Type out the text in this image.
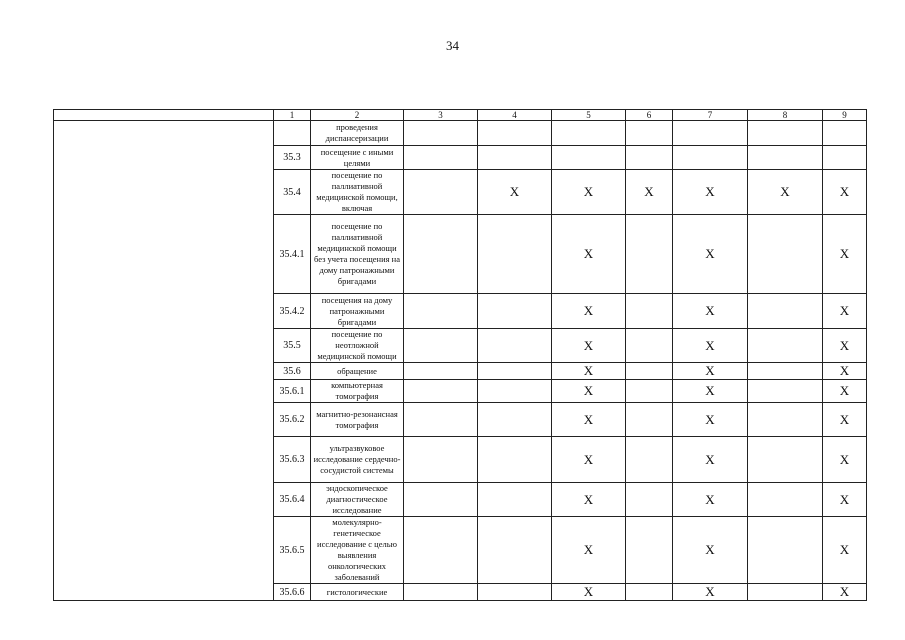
34
	1	2	3	4	5	6	7	8	9
		проведения диспансеризации							
	35.3	посещение с иными целями							
	35.4	посещение по паллиативной медицинской помощи, включая		X	X	X	X	X	X
	35.4.1	посещение по паллиативной медицинской помощи без учета посещения на дому патронажными бригадами			X		X		X
	35.4.2	посещения на дому патронажными бригадами			X		X		X
	35.5	посещение по неотложной медицинской помощи			X		X		X
	35.6	обращение			X		X		X
	35.6.1	компьютерная томография			X		X		X
	35.6.2	магнитно-резонансная томография			X		X		X
	35.6.3	ультразвуковое исследование сердечно-сосудистой системы			X		X		X
	35.6.4	эндоскопическое диагностическое исследование			X		X		X
	35.6.5	молекулярно-генетическое исследование с целью выявления онкологических заболеваний			X		X		X
	35.6.6	гистологические			X		X		X
